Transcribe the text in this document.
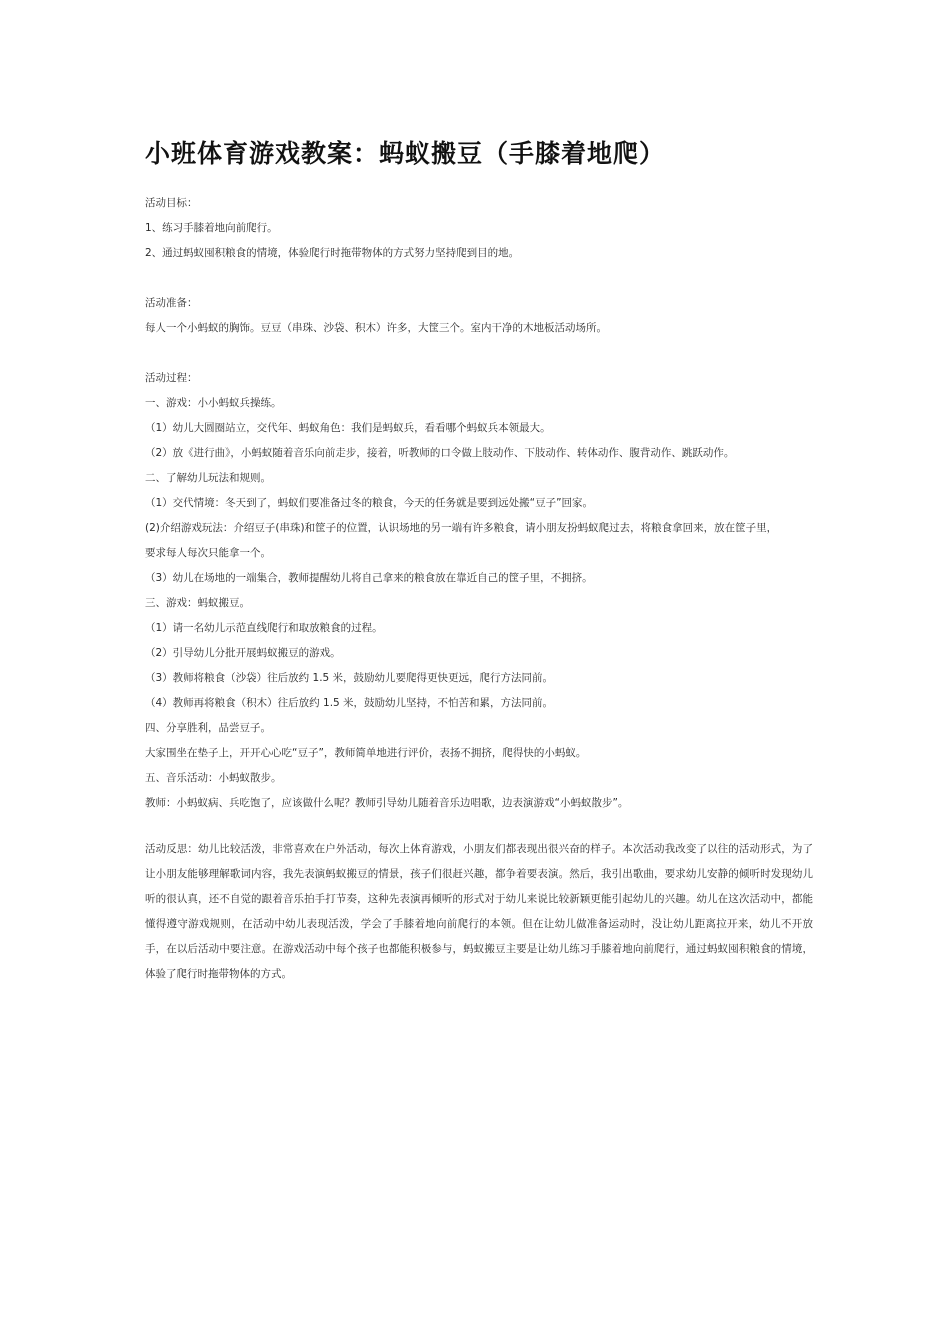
小班体育游戏教案：蚂蚁搬豆（手膝着地爬）

活动目标：

1、练习手膝着地向前爬行。

2、通过蚂蚁囤积粮食的情境，体验爬行时拖带物体的方式努力坚持爬到目的地。

活动准备：

每人一个小蚂蚁的胸饰。豆豆（串珠、沙袋、积木）许多，大筐三个。室内干净的木地板活动场所。

活动过程：

一、游戏：小小蚂蚁兵操练。

（1）幼儿大圆圈站立，交代年、蚂蚁角色：我们是蚂蚁兵，看看哪个蚂蚁兵本领最大。

（2）放《进行曲》，小蚂蚁随着音乐向前走步，接着，听教师的口令做上肢动作、下肢动作、转体动作、腹背动作、跳跃动作。

二、了解幼儿玩法和规则。

（1）交代情境：冬天到了，蚂蚁们要准备过冬的粮食，今天的任务就是要到远处搬“豆子”回家。

(2)介绍游戏玩法：介绍豆子(串珠)和筐子的位置，认识场地的另一端有许多粮食，请小朋友扮蚂蚁爬过去，将粮食拿回来，放在筐子里，

要求每人每次只能拿一个。

（3）幼儿在场地的一端集合，教师提醒幼儿将自己拿来的粮食放在靠近自己的筐子里，不拥挤。

三、游戏：蚂蚁搬豆。

（1）请一名幼儿示范直线爬行和取放粮食的过程。

（2）引导幼儿分批开展蚂蚁搬豆的游戏。

（3）教师将粮食（沙袋）往后放约 1.5 米，鼓励幼儿要爬得更快更远，爬行方法同前。

（4）教师再将粮食（积木）往后放约 1.5 米，鼓励幼儿坚持，不怕苦和累，方法同前。

四、分享胜利，品尝豆子。

大家围坐在垫子上，开开心心吃“豆子”，教师简单地进行评价，表扬不拥挤，爬得快的小蚂蚁。

五、音乐活动：小蚂蚁散步。

教师：小蚂蚁病、兵吃饱了，应该做什么呢？教师引导幼儿随着音乐边唱歌，边表演游戏“小蚂蚁散步”。

活动反思：幼儿比较活泼，非常喜欢在户外活动，每次上体育游戏，小朋友们都表现出很兴奋的样子。本次活动我改变了以往的活动形式，为了让小朋友能够理解歌词内容，我先表演蚂蚁搬豆的情景，孩子们很赶兴趣，都争着要表演。然后，我引出歌曲，要求幼儿安静的倾听时发现幼儿听的很认真，还不自觉的跟着音乐拍手打节奏，这种先表演再倾听的形式对于幼儿来说比较新颖更能引起幼儿的兴趣。幼儿在这次活动中，都能懂得遵守游戏规则，在活动中幼儿表现活泼，学会了手膝着地向前爬行的本领。但在让幼儿做准备运动时，没让幼儿距离拉开来，幼儿不开放手，在以后活动中要注意。在游戏活动中每个孩子也都能积极参与，蚂蚁搬豆主要是让幼儿练习手膝着地向前爬行，通过蚂蚁囤积粮食的情境，体验了爬行时拖带物体的方式。
